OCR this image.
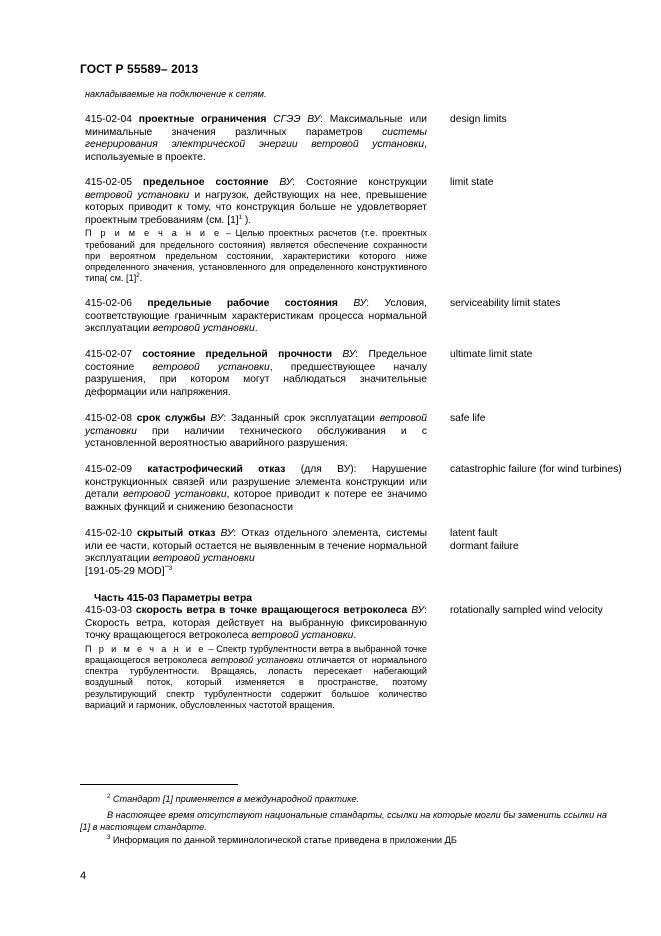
ГОСТ Р 55589– 2013
накладываемые на подключение к сетям.
415-02-04 проектные ограничения СГЭЭ ВУ: Максимальные или минимальные значения различных параметров системы генерирования электрической энергии ветровой установки, используемые в проекте.
design limits
415-02-05 предельное состояние ВУ: Состояние конструкции ветровой установки и нагрузок, действующих на нее, превышение которых приводит к тому, что конструкция больше не удовлетворяет проектным требованиям (см. $[1]^1$ ).
П р и м е ч а н и е – Целью проектных расчетов (т.е. проектных требований для предельного состояния) является обеспечение сохранности при вероятном предельном состоянии, характеристики которого ниже определенного значения, установленного для определенного конструктивного типа( см. $[1]^2$.
limit state
415-02-06 предельные рабочие состояния ВУ: Условия, соответствующие граничным характеристикам процесса нормальной эксплуатации ветровой установки.
serviceability limit states
415-02-07 состояние предельной прочности ВУ: Предельное состояние ветровой установки, предшествующее началу разрушения, при котором могут наблюдаться значительные деформации или напряжения.
ultimate limit state
415-02-08 срок службы ВУ: Заданный срок эксплуатации ветровой установки при наличии технического обслуживания и с установленной вероятностью аварийного разрушения.
safe life
415-02-09 катастрофический отказ (для ВУ): Нарушение конструкционных связей или разрушение элемента конструкции или детали ветровой установки, которое приводит к потере ее значимо важных функций и снижению безопасности
catastrophic failure (for wind turbines)
415-02-10 скрытый отказ ВУ: Отказ отдельного элемента, системы или ее части, который остается не выявленным в течение нормальной эксплуатации ветровой установки
[191-05-29 MOD]$^{""3}$
latent fault
dormant failure
Часть 415-03 Параметры ветра
415-03-03 скорость ветра в точке вращающегося ветроколеса ВУ: Скорость ветра, которая действует на выбранную фиксированную точку вращающегося ветроколеса ветровой установки.
П р и м е ч а н и е – Спектр турбулентности ветра в выбранной точке вращающегося ветроколеса ветровой установки отличается от нормального спектра турбулентности. Вращаясь, лопасть пересекает набегающий воздушный поток, который изменяется в пространстве, поэтому результирующий спектр турбулентности содержит большое количество вариаций и гармоник, обусловленных частотой вращения.
rotationally sampled wind velocity
$^2$ Стандарт [1] применяется в международной практике.
В настоящее время отсутствуют национальные стандарты, ссылки на которые могли бы заменить ссылки на [1] в настоящем стандарте.
$^3$ Информация по данной терминологической статье приведена в приложении ДБ
4
